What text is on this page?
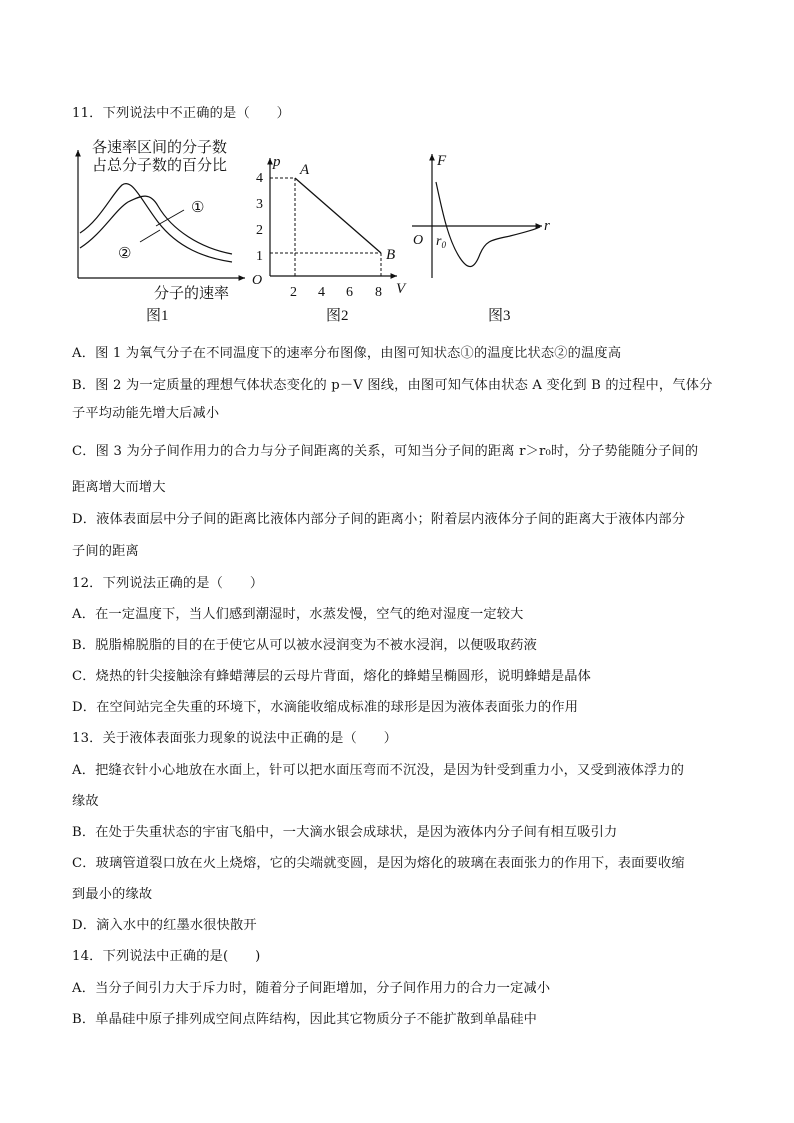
11．下列说法中不正确的是（　　）
各速率区间的分子数
占总分子数的百分比
①
②
分子的速率
图1
p
V
O
4
3
2
1
2 4 6 8
A
B
图2
F
r
O $r_0$
图3
A．图 1 为氧气分子在不同温度下的速率分布图像，由图可知状态①的温度比状态②的温度高
B．图 2 为一定质量的理想气体状态变化的 p－V 图线，由图可知气体由状态 A 变化到 B 的过程中，气体分
子平均动能先增大后减小
C．图 3 为分子间作用力的合力与分子间距离的关系，可知当分子间的距离 r＞r₀时，分子势能随分子间的
距离增大而增大
D．液体表面层中分子间的距离比液体内部分子间的距离小；附着层内液体分子间的距离大于液体内部分
子间的距离
12．下列说法正确的是（　　）
A．在一定温度下，当人们感到潮湿时，水蒸发慢，空气的绝对湿度一定较大
B．脱脂棉脱脂的目的在于使它从可以被水浸润变为不被水浸润，以便吸取药液
C．烧热的针尖接触涂有蜂蜡薄层的云母片背面，熔化的蜂蜡呈椭圆形，说明蜂蜡是晶体
D．在空间站完全失重的环境下，水滴能收缩成标准的球形是因为液体表面张力的作用
13．关于液体表面张力现象的说法中正确的是（　　）
A．把缝衣针小心地放在水面上，针可以把水面压弯而不沉没，是因为针受到重力小，又受到液体浮力的
缘故
B．在处于失重状态的宇宙飞船中，一大滴水银会成球状，是因为液体内分子间有相互吸引力
C．玻璃管道裂口放在火上烧熔，它的尖端就变圆，是因为熔化的玻璃在表面张力的作用下，表面要收缩
到最小的缘故
D．滴入水中的红墨水很快散开
14．下列说法中正确的是(　　)
A．当分子间引力大于斥力时，随着分子间距增加，分子间作用力的合力一定减小
B．单晶硅中原子排列成空间点阵结构，因此其它物质分子不能扩散到单晶硅中
